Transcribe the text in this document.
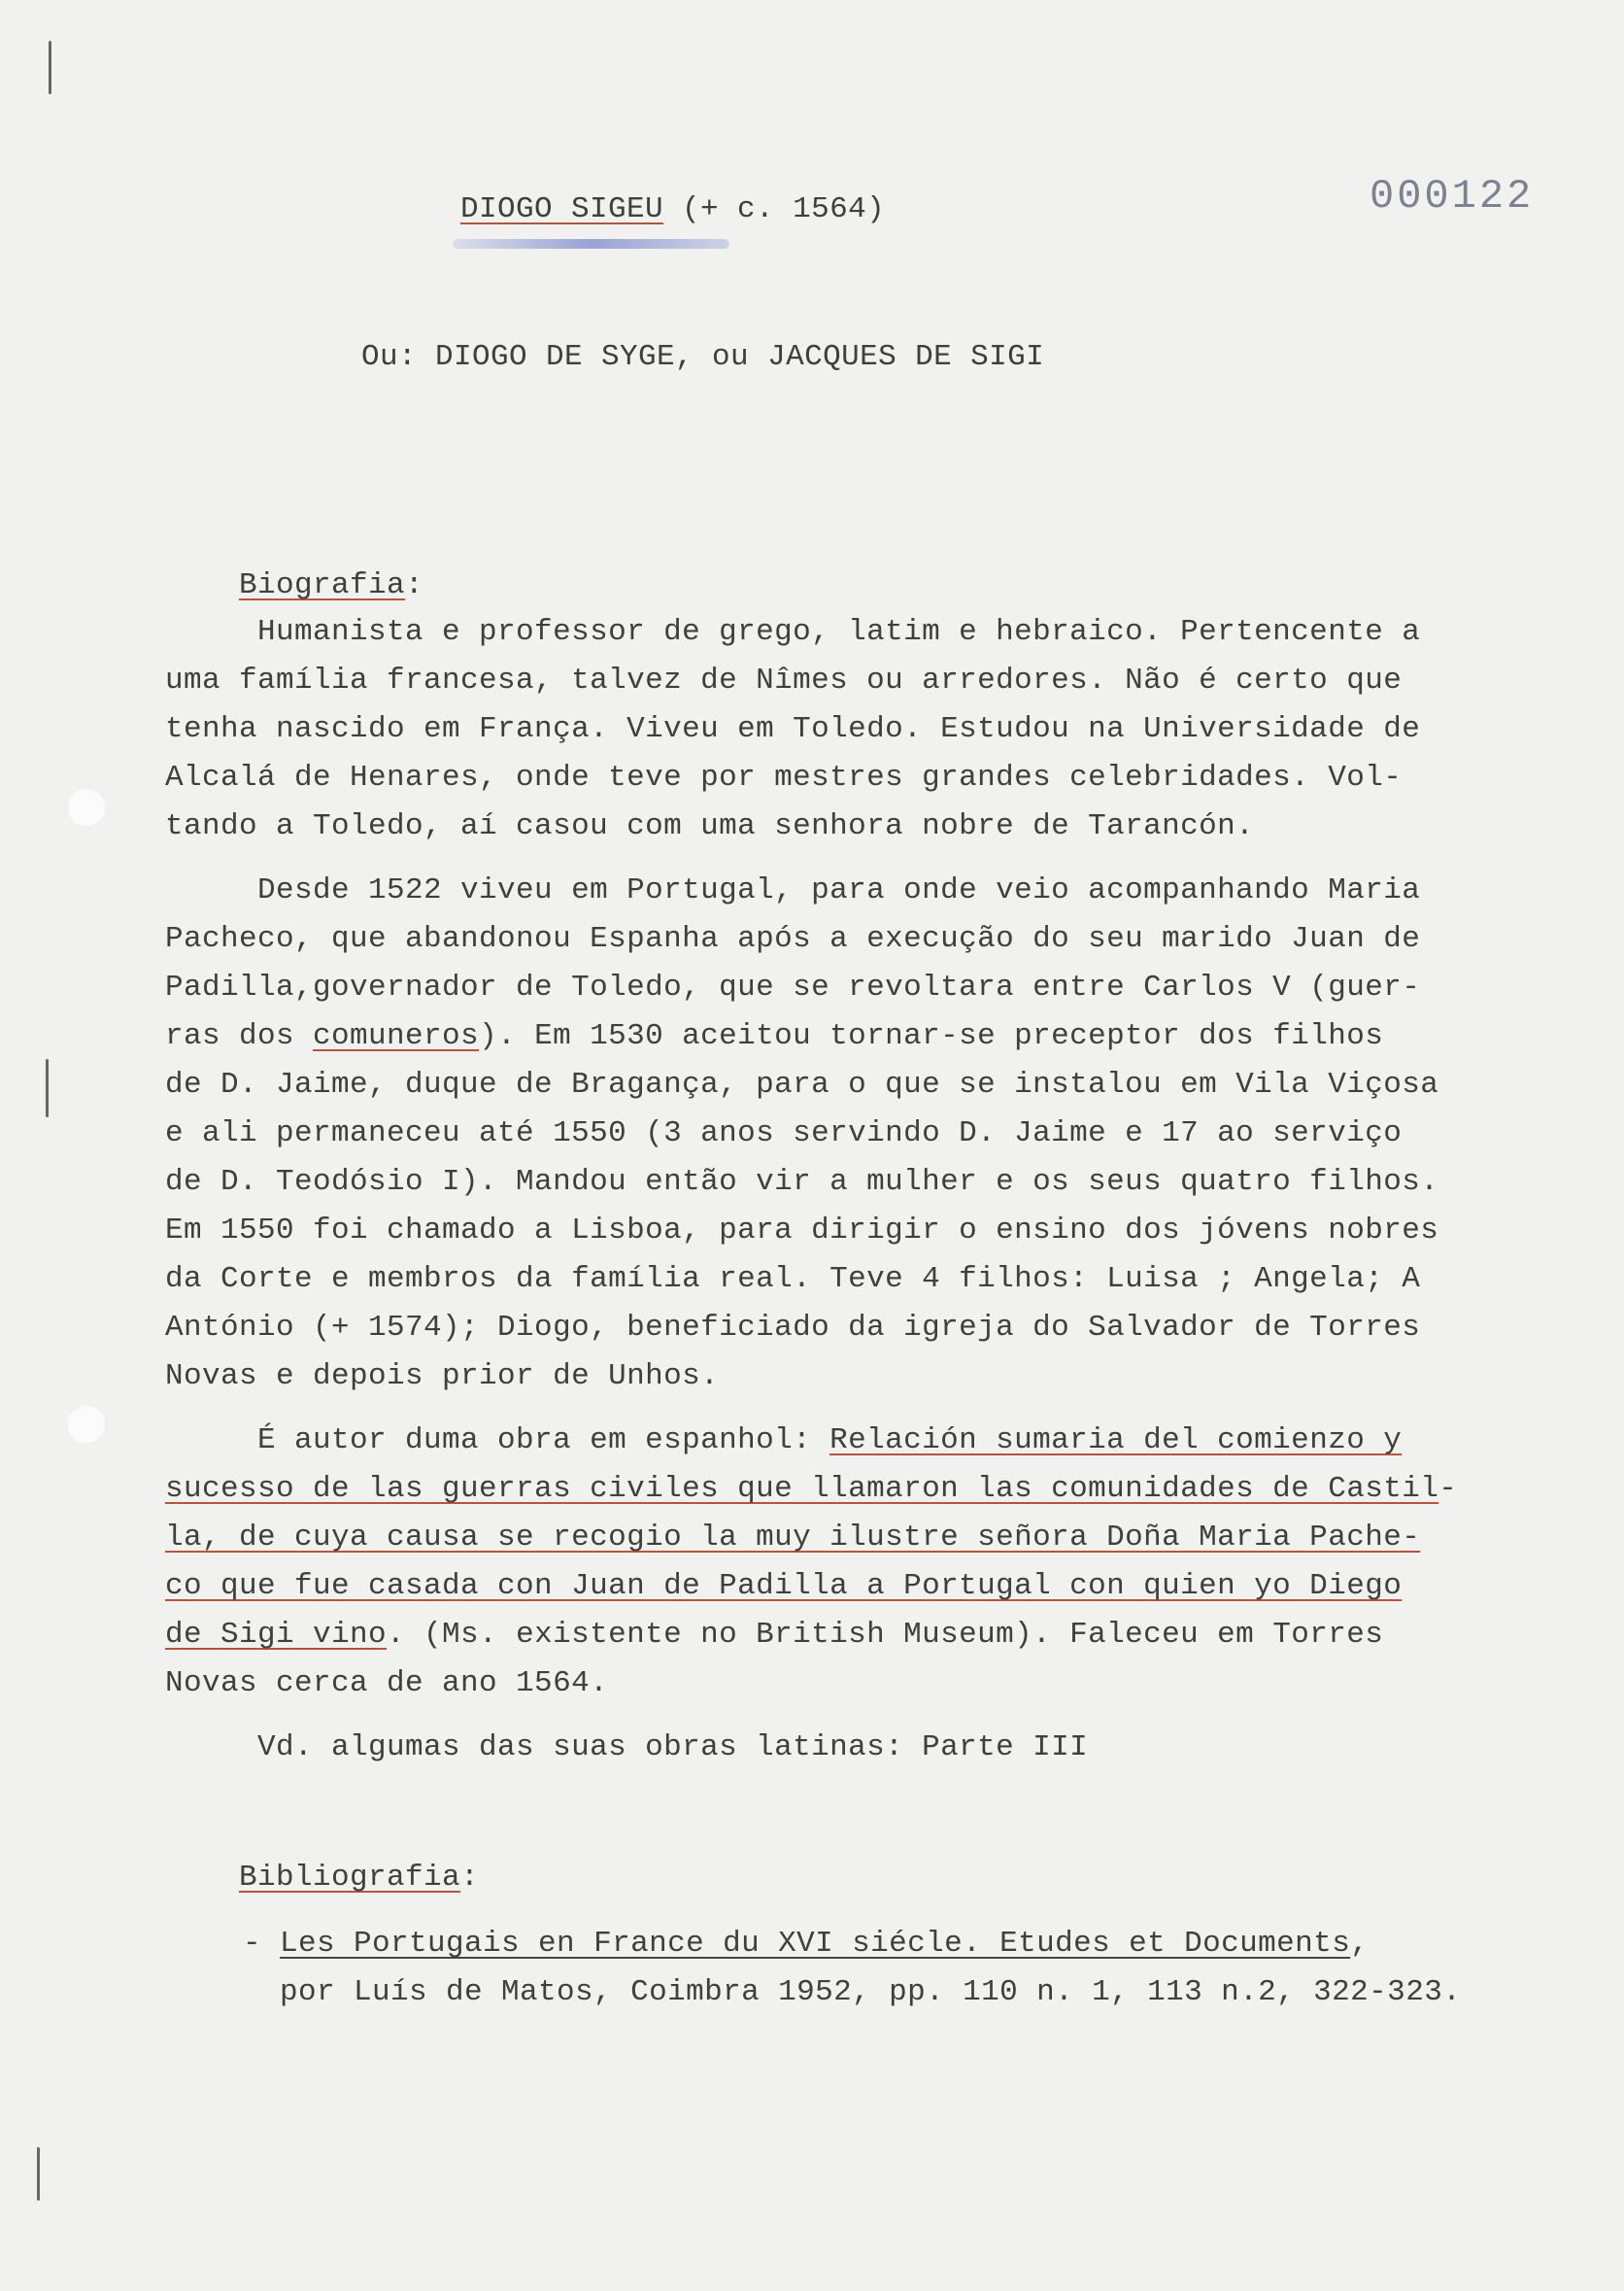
DIOGO SIGEU (+ c. 1564)	000122
Ou: DIOGO DE SYGE, ou JACQUES DE SIGI

Biografia:

Humanista e professor de grego, latim e hebraico. Pertencente a
uma família francesa, talvez de Nîmes ou arredores. Não é certo que
tenha nascido em França. Viveu em Toledo. Estudou na Universidade de
Alcalá de Henares, onde teve por mestres grandes celebridades. Vol-
tando a Toledo, aí casou com uma senhora nobre de Tarancón.
Desde 1522 viveu em Portugal, para onde veio acompanhando Maria
Pacheco, que abandonou Espanha após a execução do seu marido Juan de
Padilla,governador de Toledo, que se revoltara entre Carlos V (guer-
ras dos comuneros). Em 1530 aceitou tornar-se preceptor dos filhos
de D. Jaime, duque de Bragança, para o que se instalou em Vila Viçosa
e ali permaneceu até 1550 (3 anos servindo D. Jaime e 17 ao serviço
de D. Teodósio I). Mandou então vir a mulher e os seus quatro filhos.
Em 1550 foi chamado a Lisboa, para dirigir o ensino dos jóvens nobres
da Corte e membros da família real. Teve 4 filhos: Luisa ; Angela; A
António (+ 1574); Diogo, beneficiado da igreja do Salvador de Torres
Novas e depois prior de Unhos.
É autor duma obra em espanhol: Relación sumaria del comienzo y
sucesso de las guerras civiles que llamaron las comunidades de Castil-
la, de cuya causa se recogio la muy ilustre señora Doña Maria Pache-
co que fue casada con Juan de Padilla a Portugal con quien yo Diego
de Sigi vino. (Ms. existente no British Museum). Faleceu em Torres
Novas cerca de ano 1564.
Vd. algumas das suas obras latinas: Parte III

Bibliografia:

- Les Portugais en France du XVI siécle. Etudes et Documents,
por Luís de Matos, Coimbra 1952, pp. 110 n. 1, 113 n.2, 322-323.
